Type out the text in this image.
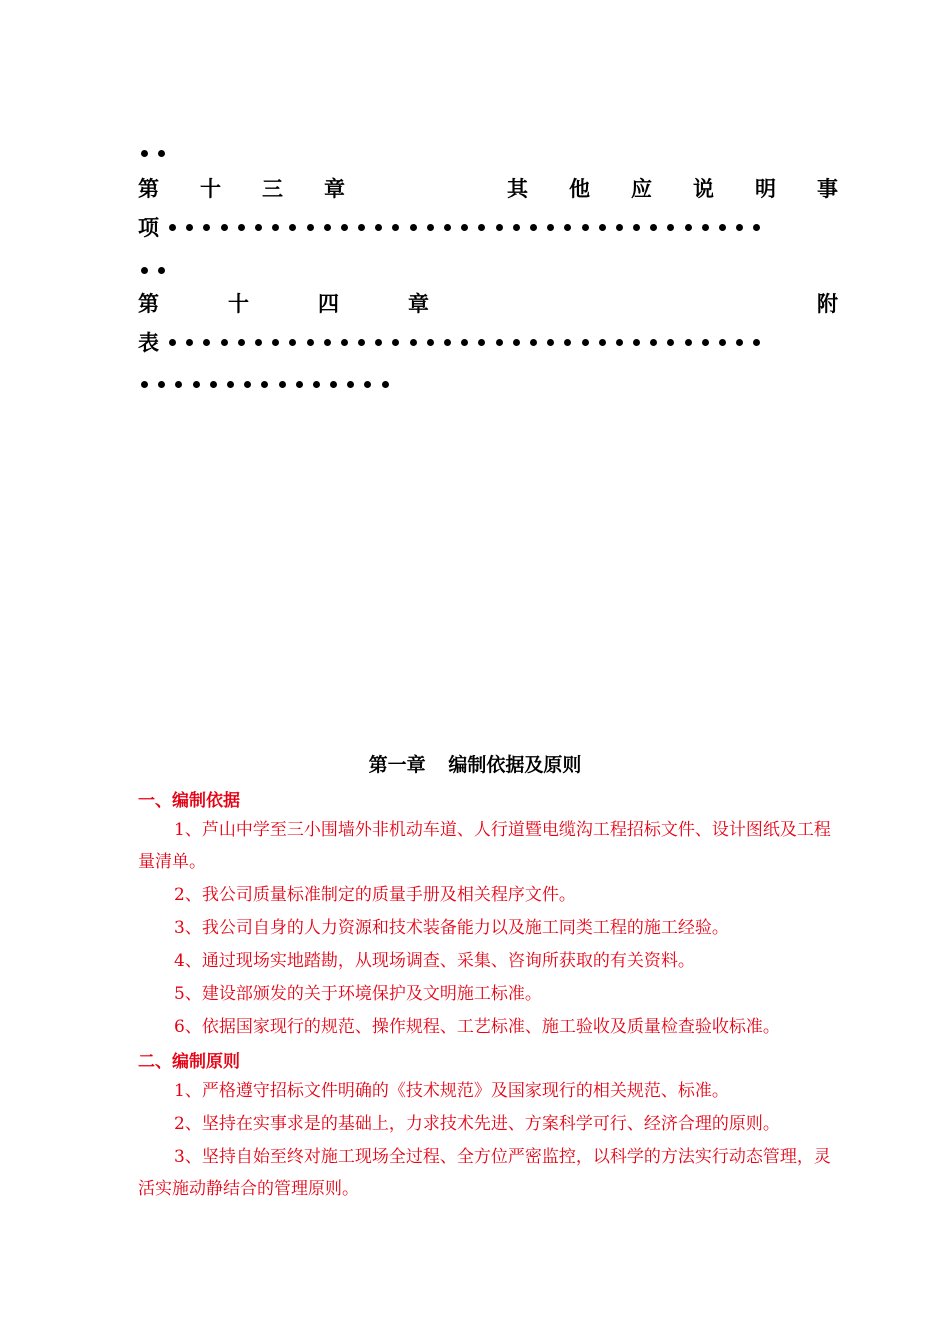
第 十 三 章	其 他 应 说 明 事
项
第	十	四	章	附
表
第一章 编制依据及原则
一、编制依据
1、芦山中学至三小围墙外非机动车道、人行道暨电缆沟工程招标文件、设计图纸及工程量清单。
2、我公司质量标准制定的质量手册及相关程序文件。
3、我公司自身的人力资源和技术装备能力以及施工同类工程的施工经验。
4、通过现场实地踏勘，从现场调查、采集、咨询所获取的有关资料。
5、建设部颁发的关于环境保护及文明施工标准。
6、依据国家现行的规范、操作规程、工艺标准、施工验收及质量检查验收标准。
二、编制原则
1、严格遵守招标文件明确的《技术规范》及国家现行的相关规范、标准。
2、坚持在实事求是的基础上，力求技术先进、方案科学可行、经济合理的原则。
3、坚持自始至终对施工现场全过程、全方位严密监控，以科学的方法实行动态管理，灵活实施动静结合的管理原则。
